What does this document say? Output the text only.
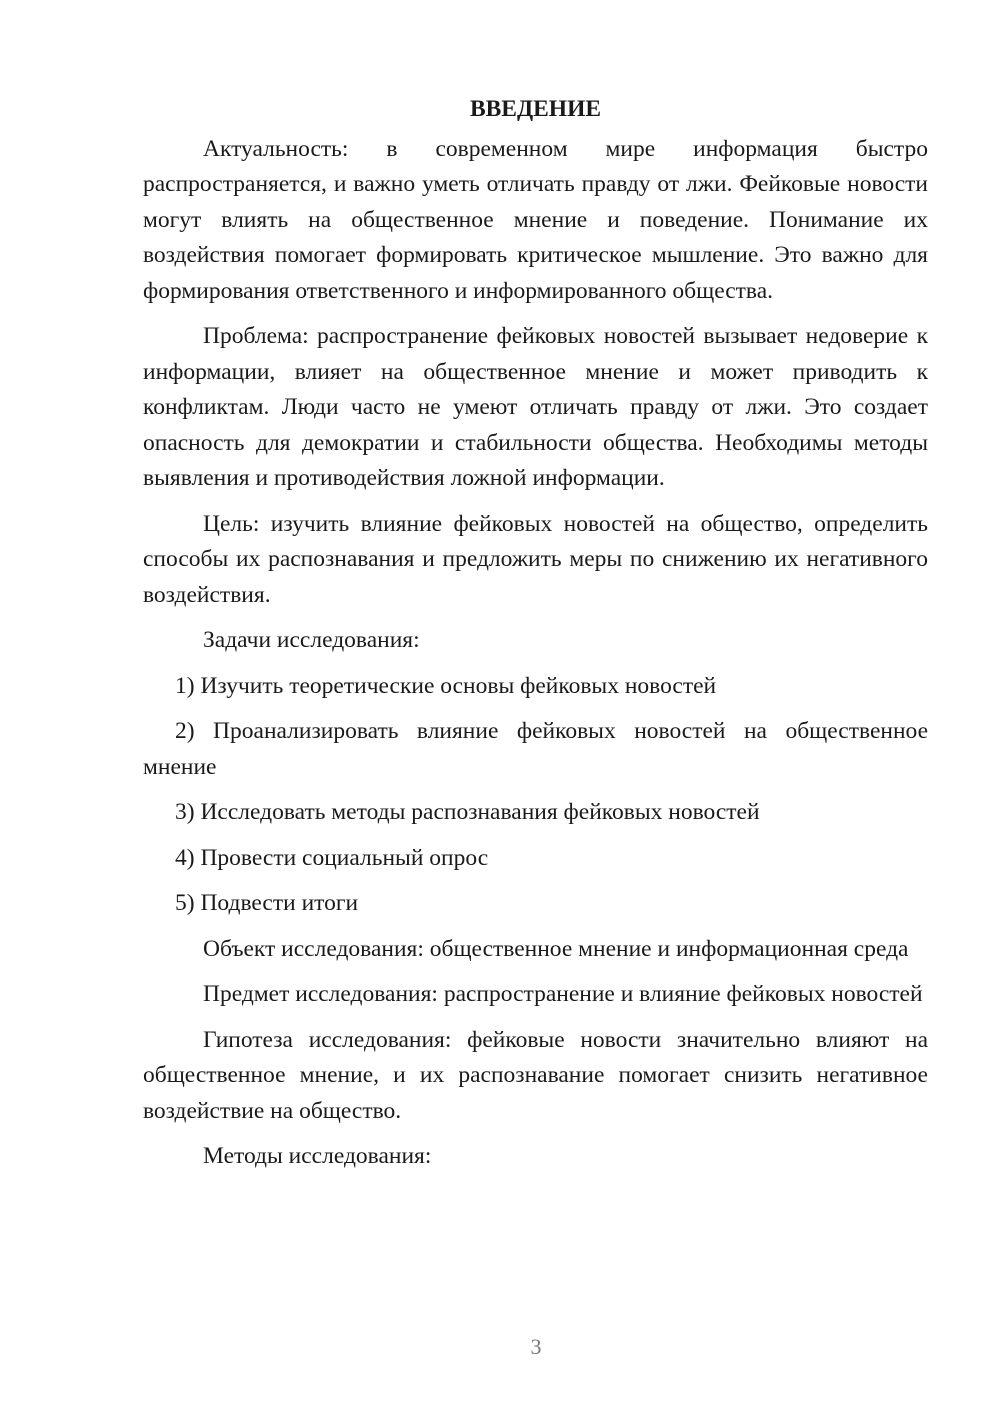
ВВЕДЕНИЕ

Актуальность: в современном мире информация быстро распространяется, и важно уметь отличать правду от лжи. Фейковые новости могут влиять на общественное мнение и поведение. Понимание их воздействия помогает формировать критическое мышление. Это важно для формирования ответственного и информированного общества.

Проблема: распространение фейковых новостей вызывает недоверие к информации, влияет на общественное мнение и может приводить к конфликтам. Люди часто не умеют отличать правду от лжи. Это создает опасность для демократии и стабильности общества. Необходимы методы выявления и противодействия ложной информации.

Цель: изучить влияние фейковых новостей на общество, определить способы их распознавания и предложить меры по снижению их негативного воздействия.

Задачи исследования:

1) Изучить теоретические основы фейковых новостей

2) Проанализировать влияние фейковых новостей на общественное мнение

3) Исследовать методы распознавания фейковых новостей

4) Провести социальный опрос

5) Подвести итоги

Объект исследования: общественное мнение и информационная среда

Предмет исследования: распространение и влияние фейковых новостей

Гипотеза исследования: фейковые новости значительно влияют на общественное мнение, и их распознавание помогает снизить негативное воздействие на общество.

Методы исследования:

3
